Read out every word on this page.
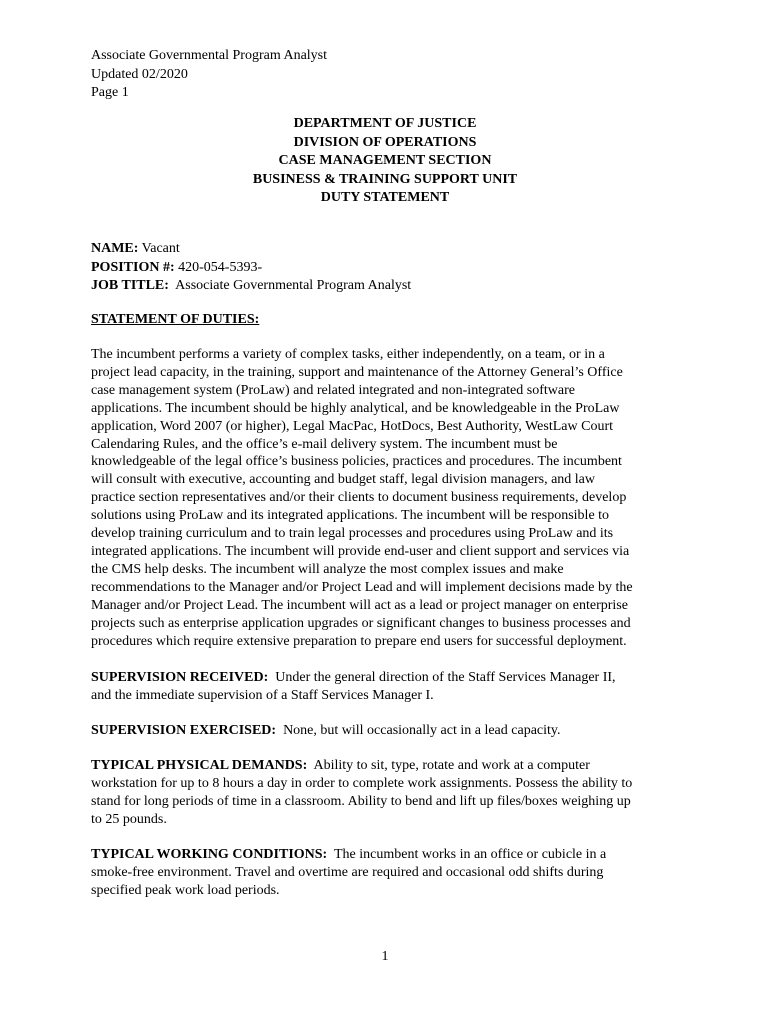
Associate Governmental Program Analyst
Updated 02/2020
Page 1
DEPARTMENT OF JUSTICE
DIVISION OF OPERATIONS
CASE MANAGEMENT SECTION
BUSINESS & TRAINING SUPPORT UNIT
DUTY STATEMENT
NAME: Vacant
POSITION #: 420-054-5393-
JOB TITLE:  Associate Governmental Program Analyst
STATEMENT OF DUTIES:
The incumbent performs a variety of complex tasks, either independently, on a team, or in a
project lead capacity, in the training, support and maintenance of the Attorney General’s Office
case management system (ProLaw) and related integrated and non-integrated software
applications. The incumbent should be highly analytical, and be knowledgeable in the ProLaw
application, Word 2007 (or higher), Legal MacPac, HotDocs, Best Authority, WestLaw Court
Calendaring Rules, and the office’s e-mail delivery system. The incumbent must be
knowledgeable of the legal office’s business policies, practices and procedures. The incumbent
will consult with executive, accounting and budget staff, legal division managers, and law
practice section representatives and/or their clients to document business requirements, develop
solutions using ProLaw and its integrated applications. The incumbent will be responsible to
develop training curriculum and to train legal processes and procedures using ProLaw and its
integrated applications. The incumbent will provide end-user and client support and services via
the CMS help desks. The incumbent will analyze the most complex issues and make
recommendations to the Manager and/or Project Lead and will implement decisions made by the
Manager and/or Project Lead. The incumbent will act as a lead or project manager on enterprise
projects such as enterprise application upgrades or significant changes to business processes and
procedures which require extensive preparation to prepare end users for successful deployment.
SUPERVISION RECEIVED:  Under the general direction of the Staff Services Manager II,
and the immediate supervision of a Staff Services Manager I.
SUPERVISION EXERCISED:  None, but will occasionally act in a lead capacity.
TYPICAL PHYSICAL DEMANDS:  Ability to sit, type, rotate and work at a computer
workstation for up to 8 hours a day in order to complete work assignments. Possess the ability to
stand for long periods of time in a classroom. Ability to bend and lift up files/boxes weighing up
to 25 pounds.
TYPICAL WORKING CONDITIONS:  The incumbent works in an office or cubicle in a
smoke-free environment. Travel and overtime are required and occasional odd shifts during
specified peak work load periods.
1
